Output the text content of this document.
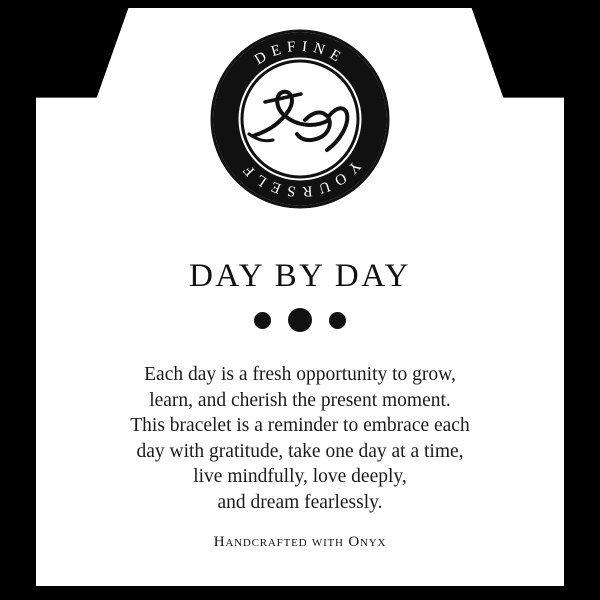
DEFINE
YOURSELF
DAY BY DAY
Each day is a fresh opportunity to grow,
learn, and cherish the present moment.
This bracelet is a reminder to embrace each
day with gratitude, take one day at a time,
live mindfully, love deeply,
and dream fearlessly.
Handcrafted with Onyx
